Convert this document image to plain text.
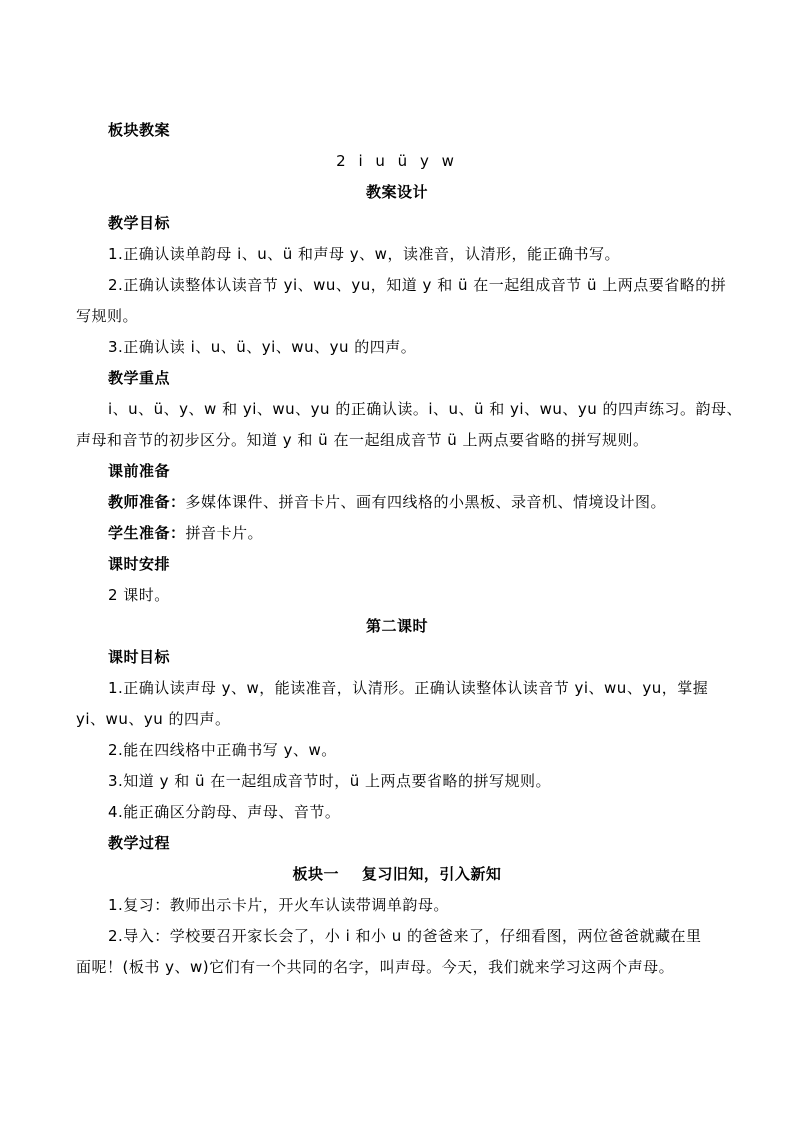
板块教案
2 i u ü y w
教案设计
教学目标
1.正确认读单韵母 i、u、ü 和声母 y、w，读准音，认清形，能正确书写。
2.正确认读整体认读音节 yi、wu、yu，知道 y 和 ü 在一起组成音节 ü 上两点要省略的拼
写规则。
3.正确认读 i、u、ü、yi、wu、yu 的四声。
教学重点
i、u、ü、y、w 和 yi、wu、yu 的正确认读。i、u、ü 和 yi、wu、yu 的四声练习。韵母、
声母和音节的初步区分。知道 y 和 ü 在一起组成音节 ü 上两点要省略的拼写规则。
课前准备
教师准备：多媒体课件、拼音卡片、画有四线格的小黑板、录音机、情境设计图。
学生准备：拼音卡片。
课时安排
2 课时。
第二课时
课时目标
1.正确认读声母 y、w，能读准音，认清形。正确认读整体认读音节 yi、wu、yu，掌握
yi、wu、yu 的四声。
2.能在四线格中正确书写 y、w。
3.知道 y 和 ü 在一起组成音节时，ü 上两点要省略的拼写规则。
4.能正确区分韵母、声母、音节。
教学过程
板块一    复习旧知，引入新知
1.复习：教师出示卡片，开火车认读带调单韵母。
2.导入：学校要召开家长会了，小 i 和小 u 的爸爸来了，仔细看图，两位爸爸就藏在里
面呢！(板书 y、w)它们有一个共同的名字，叫声母。今天，我们就来学习这两个声母。
